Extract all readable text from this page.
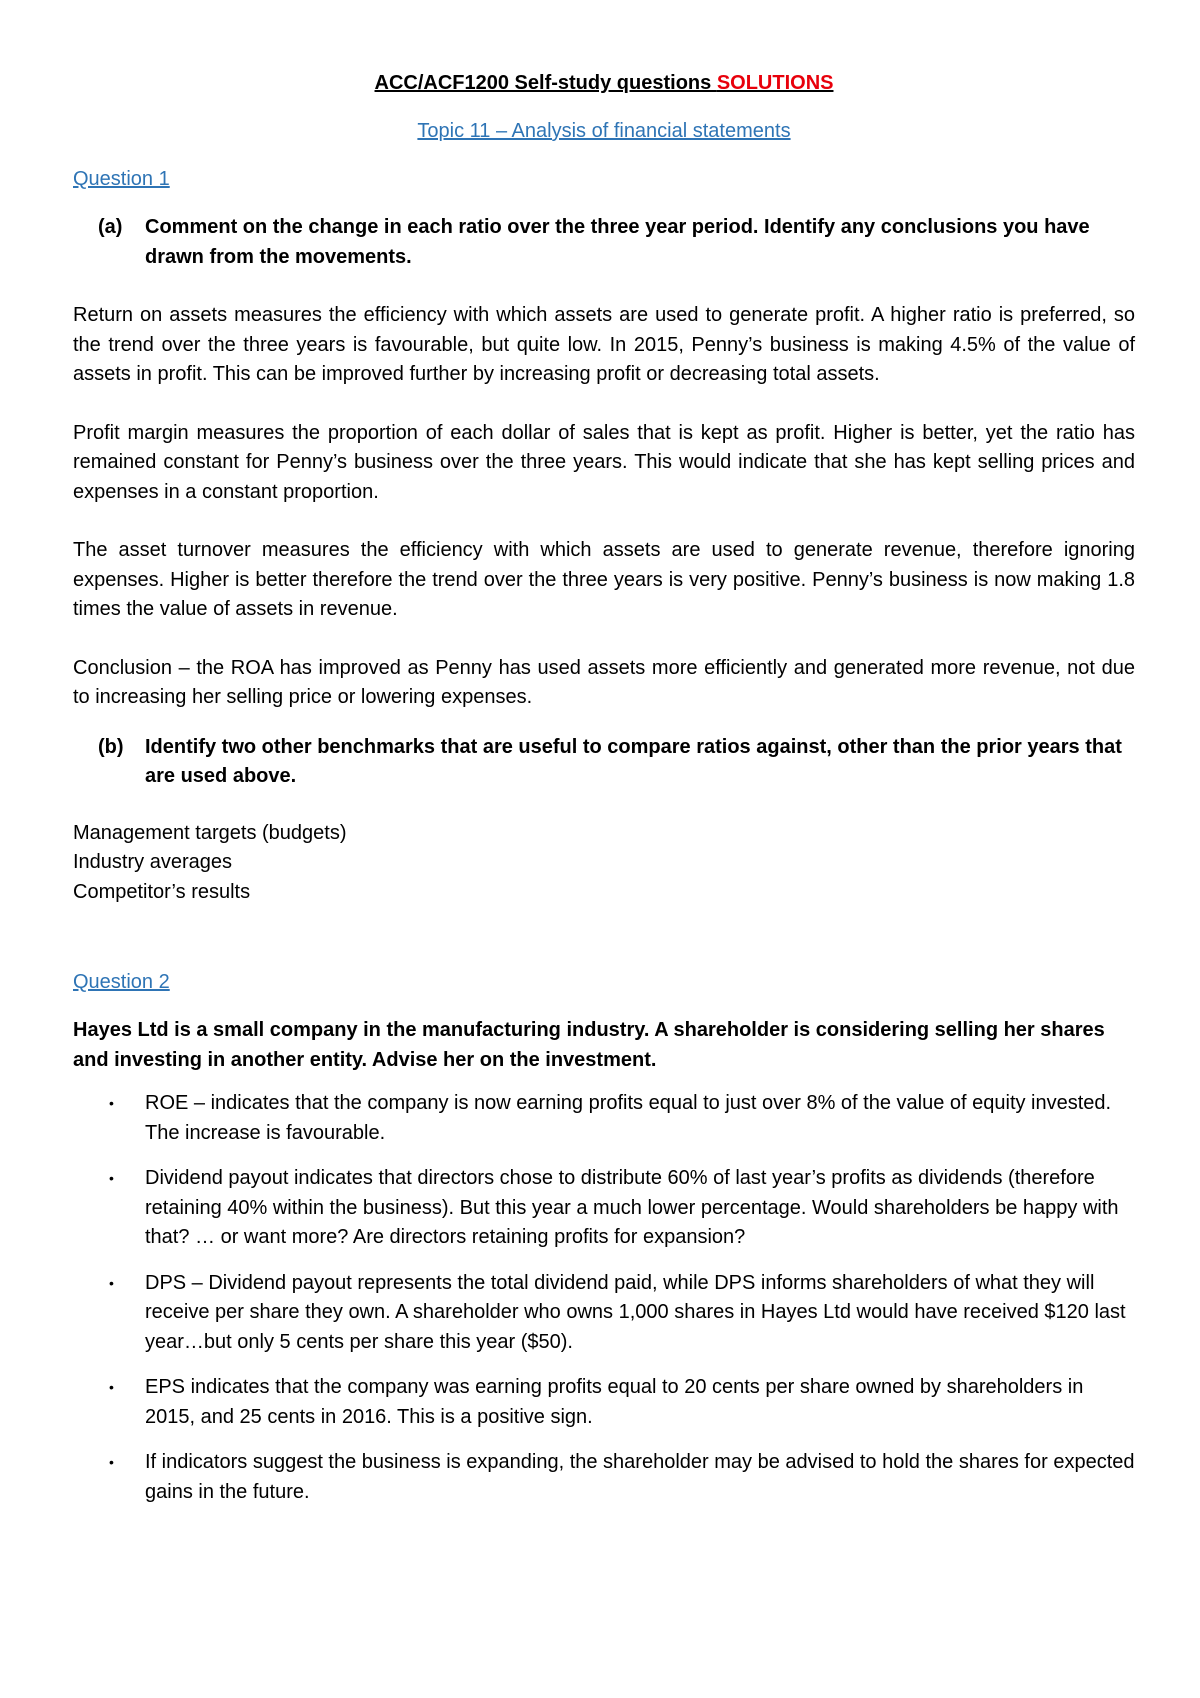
ACC/ACF1200 Self-study questions SOLUTIONS

Topic 11 – Analysis of financial statements

Question 1

(a)	Comment on the change in each ratio over the three year period. Identify any conclusions you have drawn from the movements.

Return on assets measures the efficiency with which assets are used to generate profit. A higher ratio is preferred, so the trend over the three years is favourable, but quite low. In 2015, Penny’s business is making 4.5% of the value of assets in profit. This can be improved further by increasing profit or decreasing total assets.

Profit margin measures the proportion of each dollar of sales that is kept as profit. Higher is better, yet the ratio has remained constant for Penny’s business over the three years. This would indicate that she has kept selling prices and expenses in a constant proportion.

The asset turnover measures the efficiency with which assets are used to generate revenue, therefore ignoring expenses. Higher is better therefore the trend over the three years is very positive. Penny’s business is now making 1.8 times the value of assets in revenue.

Conclusion – the ROA has improved as Penny has used assets more efficiently and generated more revenue, not due to increasing her selling price or lowering expenses.

(b)	Identify two other benchmarks that are useful to compare ratios against, other than the prior years that are used above.
Management targets (budgets)
Industry averages
Competitor’s results

Question 2

Hayes Ltd is a small company in the manufacturing industry. A shareholder is considering selling her shares and investing in another entity. Advise her on the investment.

•	ROE – indicates that the company is now earning profits equal to just over 8% of the value of equity invested. The increase is favourable.
•	Dividend payout indicates that directors chose to distribute 60% of last year’s profits as dividends (therefore retaining 40% within the business). But this year a much lower percentage. Would shareholders be happy with that? … or want more? Are directors retaining profits for expansion?
•	DPS – Dividend payout represents the total dividend paid, while DPS informs shareholders of what they will receive per share they own. A shareholder who owns 1,000 shares in Hayes Ltd would have received $120 last year…but only 5 cents per share this year ($50).
•	EPS indicates that the company was earning profits equal to 20 cents per share owned by shareholders in 2015, and 25 cents in 2016. This is a positive sign.
•	If indicators suggest the business is expanding, the shareholder may be advised to hold the shares for expected gains in the future.
